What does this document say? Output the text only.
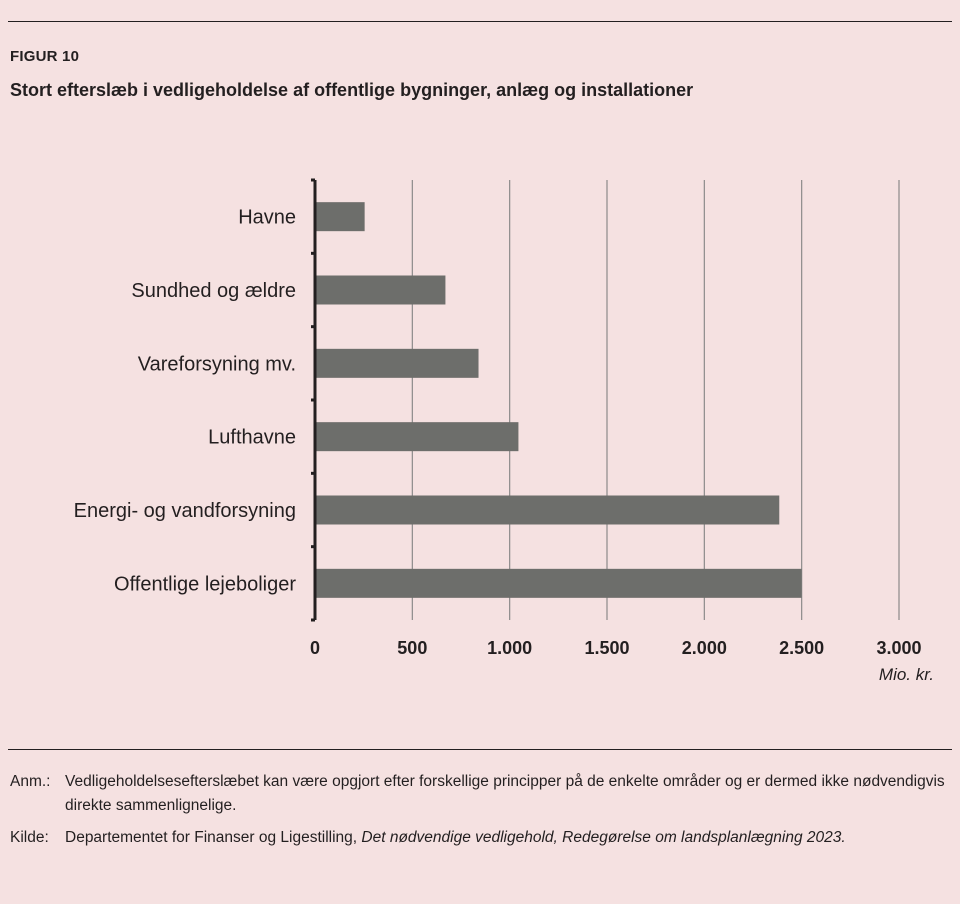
FIGUR 10
Stort efterslæb i vedligeholdelse af offentlige bygninger, anlæg og installationer
Havne
Sundhed og ældre
Vareforsyning mv.
Lufthavne
Energi- og vandforsyning
Offentlige lejeboliger
0	500	1.000	1.500	2.000	2.500	3.000
Mio. kr.
Anm.: Vedligeholdelsesefterslæbet kan være opgjort efter forskellige principper på de enkelte områder og er dermed ikke nødvendigvis direkte sammenlignelige.
Kilde:	Departementet for Finanser og Ligestilling, Det nødvendige vedligehold, Redegørelse om landsplanlægning 2023.
